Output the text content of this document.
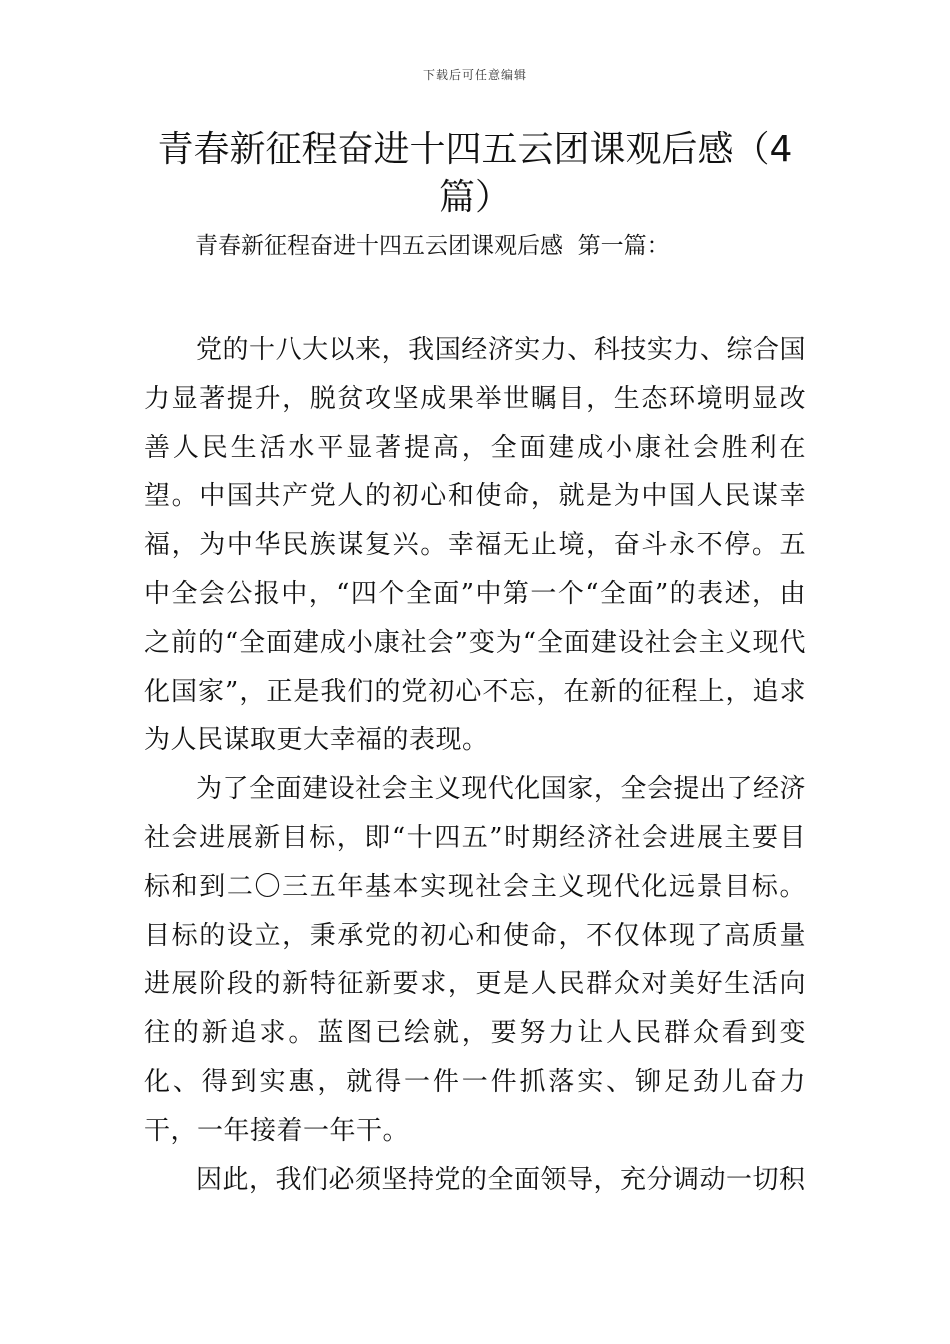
下载后可任意编辑
青春新征程奋进十四五云团课观后感（4篇）
青春新征程奋进十四五云团课观后感  第一篇：

党的十八大以来，我国经济实力、科技实力、综合国力显著提升，脱贫攻坚成果举世瞩目，生态环境明显改善人民生活水平显著提高，全面建成小康社会胜利在望。中国共产党人的初心和使命，就是为中国人民谋幸福，为中华民族谋复兴。幸福无止境，奋斗永不停。五中全会公报中，“四个全面”中第一个“全面”的表述，由之前的“全面建成小康社会”变为“全面建设社会主义现代化国家”，正是我们的党初心不忘，在新的征程上，追求为人民谋取更大幸福的表现。

为了全面建设社会主义现代化国家，全会提出了经济社会进展新目标，即“十四五”时期经济社会进展主要目标和到二〇三五年基本实现社会主义现代化远景目标。目标的设立，秉承党的初心和使命，不仅体现了高质量进展阶段的新特征新要求，更是人民群众对美好生活向往的新追求。蓝图已绘就，要努力让人民群众看到变化、得到实惠，就得一件一件抓落实、铆足劲儿奋力干，一年接着一年干。

因此，我们必须坚持党的全面领导，充分调动一切积
